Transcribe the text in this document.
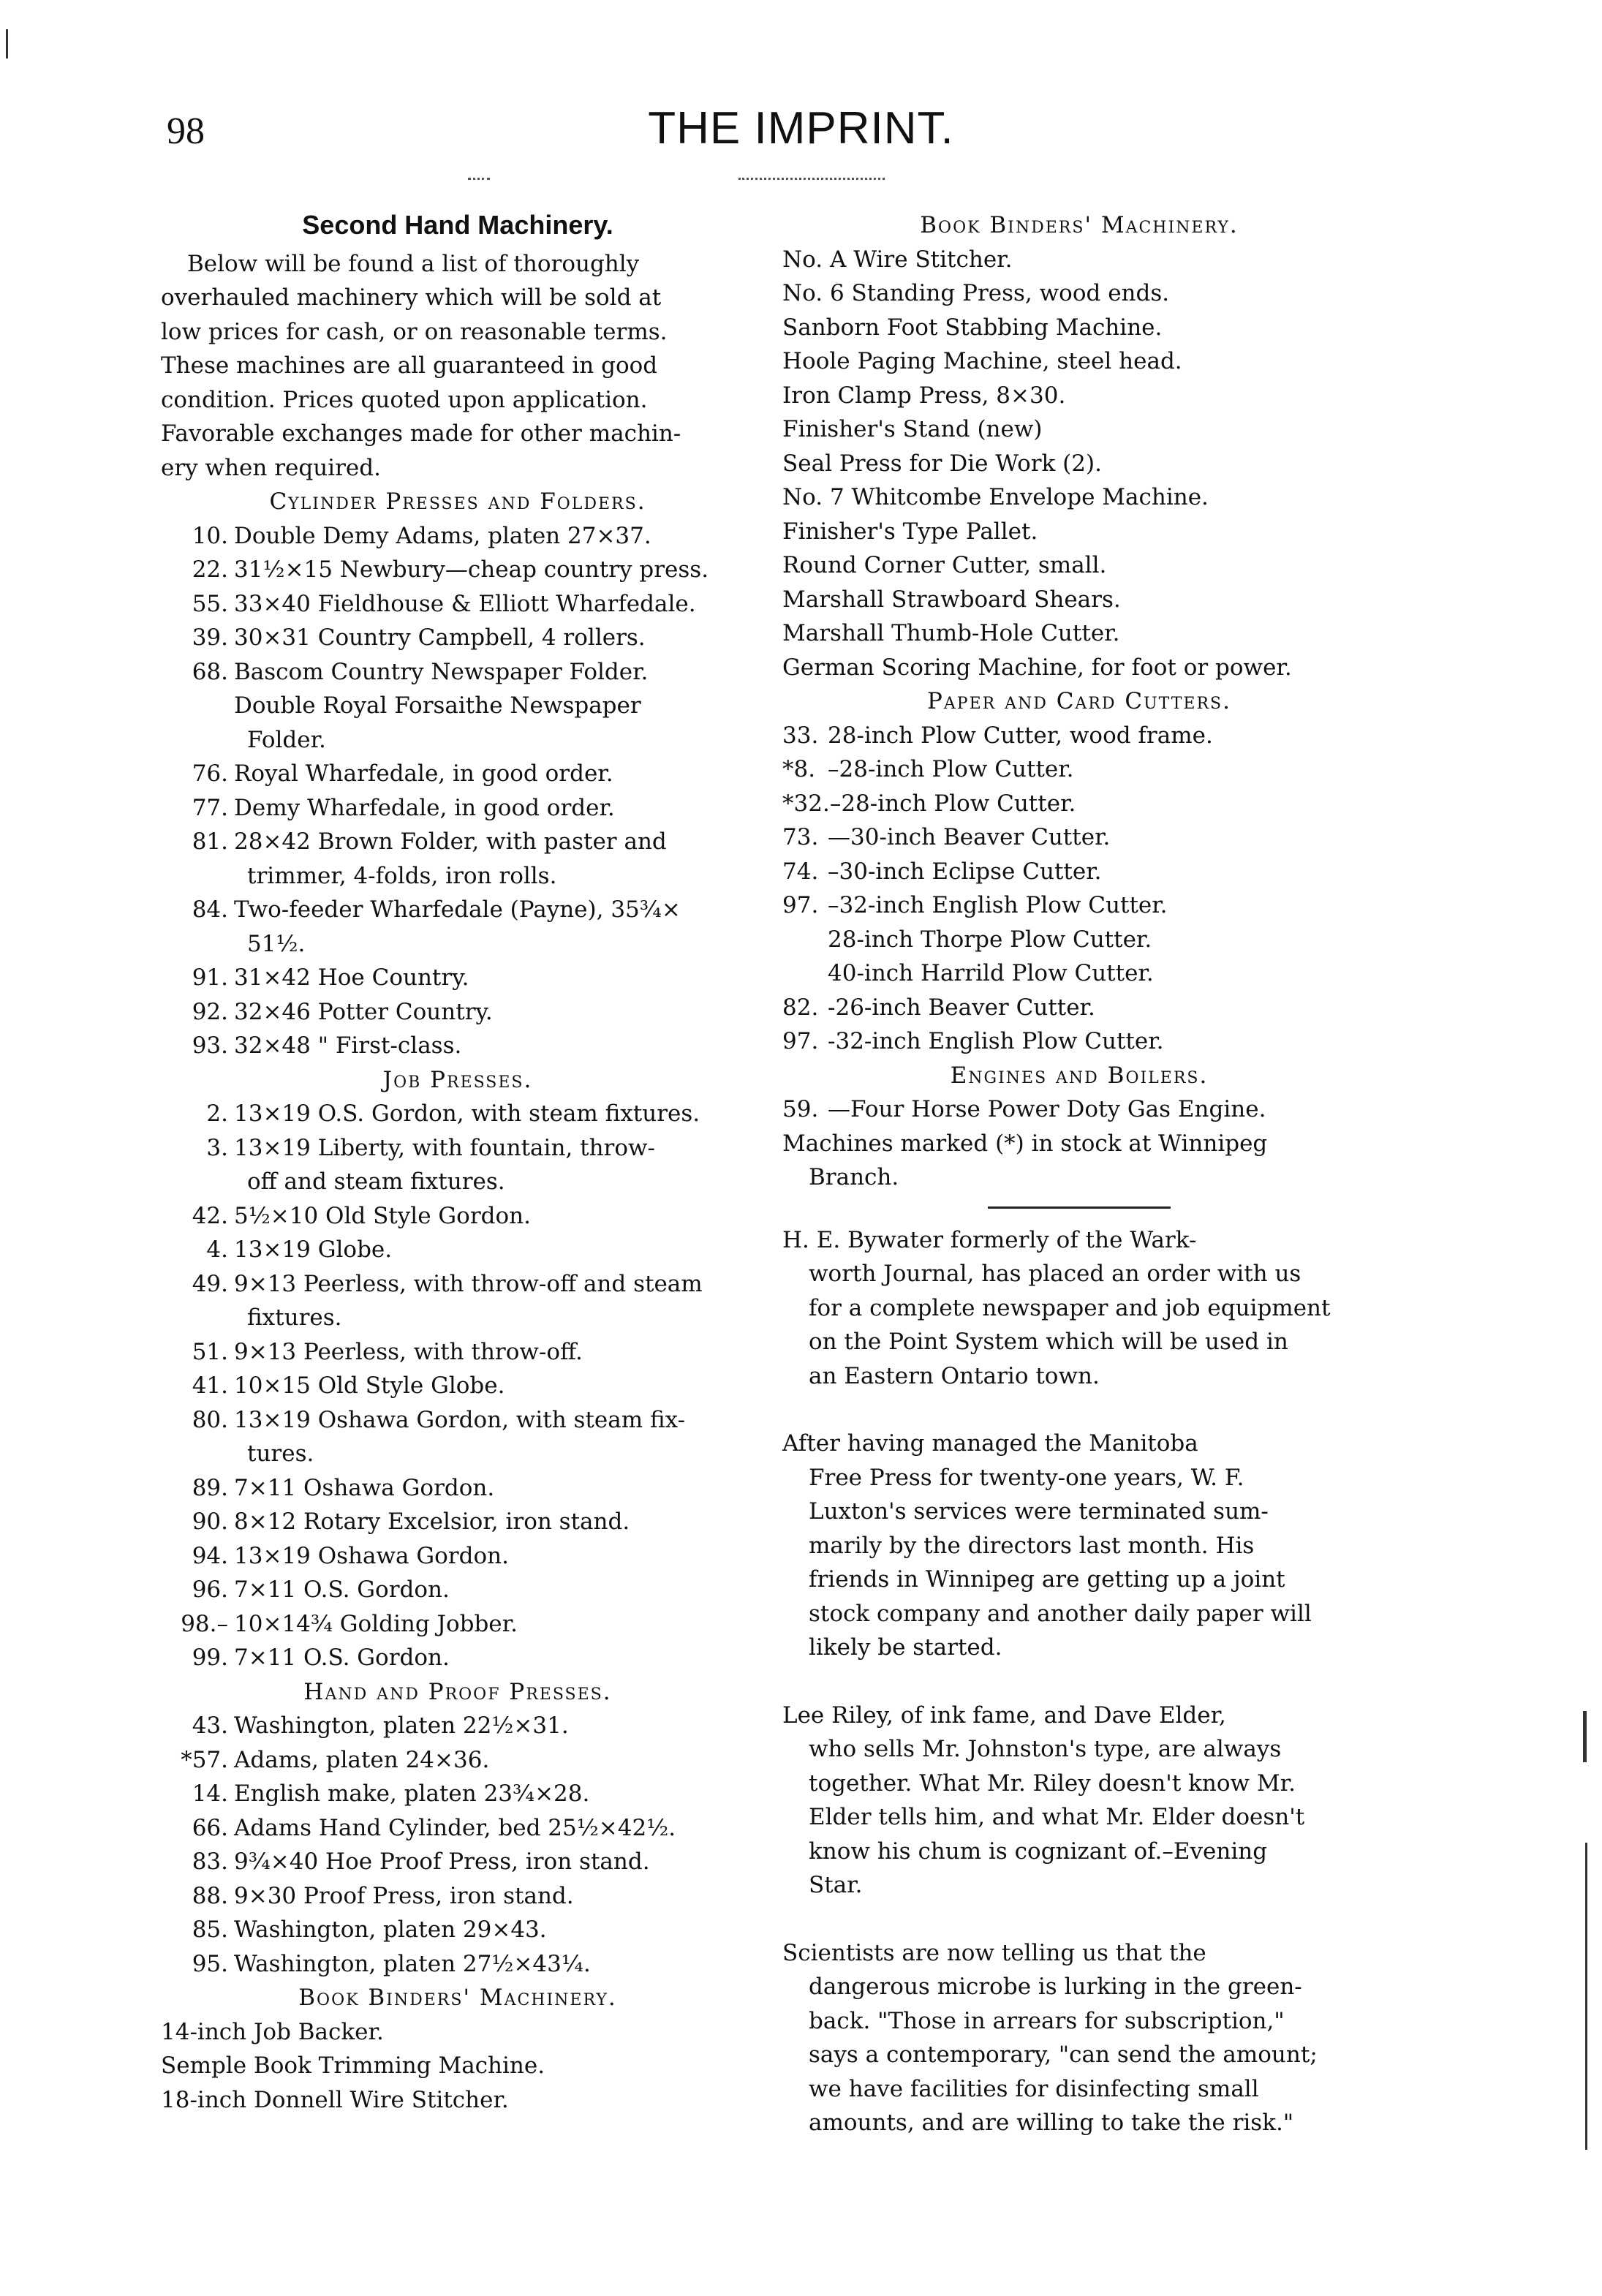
98	THE IMPRINT.
Second Hand Machinery.
Below will be found a list of thoroughly
overhauled machinery which will be sold at
low prices for cash, or on reasonable terms.
These machines are all guaranteed in good
condition. Prices quoted upon application.
Favorable exchanges made for other machin-
ery when required.
Cylinder Presses and Folders.
10. Double Demy Adams, platen 27×37.
22. 31½×15 Newbury—cheap country press.
55. 33×40 Fieldhouse & Elliott Wharfedale.
39. 30×31 Country Campbell, 4 rollers.
68. Bascom Country Newspaper Folder.
Double Royal Forsaithe Newspaper
Folder.
76. Royal Wharfedale, in good order.
77. Demy Wharfedale, in good order.
81. 28×42 Brown Folder, with paster and
trimmer, 4-folds, iron rolls.
84. Two-feeder Wharfedale (Payne), 35¾×
51½.
91. 31×42 Hoe Country.
92. 32×46 Potter Country.
93. 32×48 " First-class.
Job Presses.
2. 13×19 O.S. Gordon, with steam fixtures.
3. 13×19 Liberty, with fountain, throw-
off and steam fixtures.
42. 5½×10 Old Style Gordon.
4. 13×19 Globe.
49. 9×13 Peerless, with throw-off and steam
fixtures.
51. 9×13 Peerless, with throw-off.
41. 10×15 Old Style Globe.
80. 13×19 Oshawa Gordon, with steam fix-
tures.
89. 7×11 Oshawa Gordon.
90. 8×12 Rotary Excelsior, iron stand.
94. 13×19 Oshawa Gordon.
96. 7×11 O.S. Gordon.
98.– 10×14¾ Golding Jobber.
99. 7×11 O.S. Gordon.
Hand and Proof Presses.
43. Washington, platen 22½×31.
*57. Adams, platen 24×36.
14. English make, platen 23¾×28.
66. Adams Hand Cylinder, bed 25½×42½.
83. 9¾×40 Hoe Proof Press, iron stand.
88. 9×30 Proof Press, iron stand.
85. Washington, platen 29×43.
95. Washington, platen 27½×43¼.
Book Binders' Machinery.
14-inch Job Backer.
Semple Book Trimming Machine.
18-inch Donnell Wire Stitcher.
Book Binders' Machinery.
No. A Wire Stitcher.
No. 6 Standing Press, wood ends.
Sanborn Foot Stabbing Machine.
Hoole Paging Machine, steel head.
Iron Clamp Press, 8×30.
Finisher's Stand (new)
Seal Press for Die Work (2).
No. 7 Whitcombe Envelope Machine.
Finisher's Type Pallet.
Round Corner Cutter, small.
Marshall Strawboard Shears.
Marshall Thumb-Hole Cutter.
German Scoring Machine, for foot or power.
Paper and Card Cutters.
33. 28-inch Plow Cutter, wood frame.
*8. –28-inch Plow Cutter.
*32.–28-inch Plow Cutter.
73. —30-inch Beaver Cutter.
74. –30-inch Eclipse Cutter.
97. –32-inch English Plow Cutter.
28-inch Thorpe Plow Cutter.
40-inch Harrild Plow Cutter.
82. -26-inch Beaver Cutter.
97. -32-inch English Plow Cutter.
Engines and Boilers.
59. —Four Horse Power Doty Gas Engine.
Machines marked (*) in stock at Winnipeg
Branch.
H. E. Bywater formerly of the Wark-
worth Journal, has placed an order with us
for a complete newspaper and job equipment
on the Point System which will be used in
an Eastern Ontario town.
After having managed the Manitoba
Free Press for twenty-one years, W. F.
Luxton's services were terminated sum-
marily by the directors last month. His
friends in Winnipeg are getting up a joint
stock company and another daily paper will
likely be started.
Lee Riley, of ink fame, and Dave Elder,
who sells Mr. Johnston's type, are always
together. What Mr. Riley doesn't know Mr.
Elder tells him, and what Mr. Elder doesn't
know his chum is cognizant of.–Evening
Star.
Scientists are now telling us that the
dangerous microbe is lurking in the green-
back. "Those in arrears for subscription,"
says a contemporary, "can send the amount;
we have facilities for disinfecting small
amounts, and are willing to take the risk."
